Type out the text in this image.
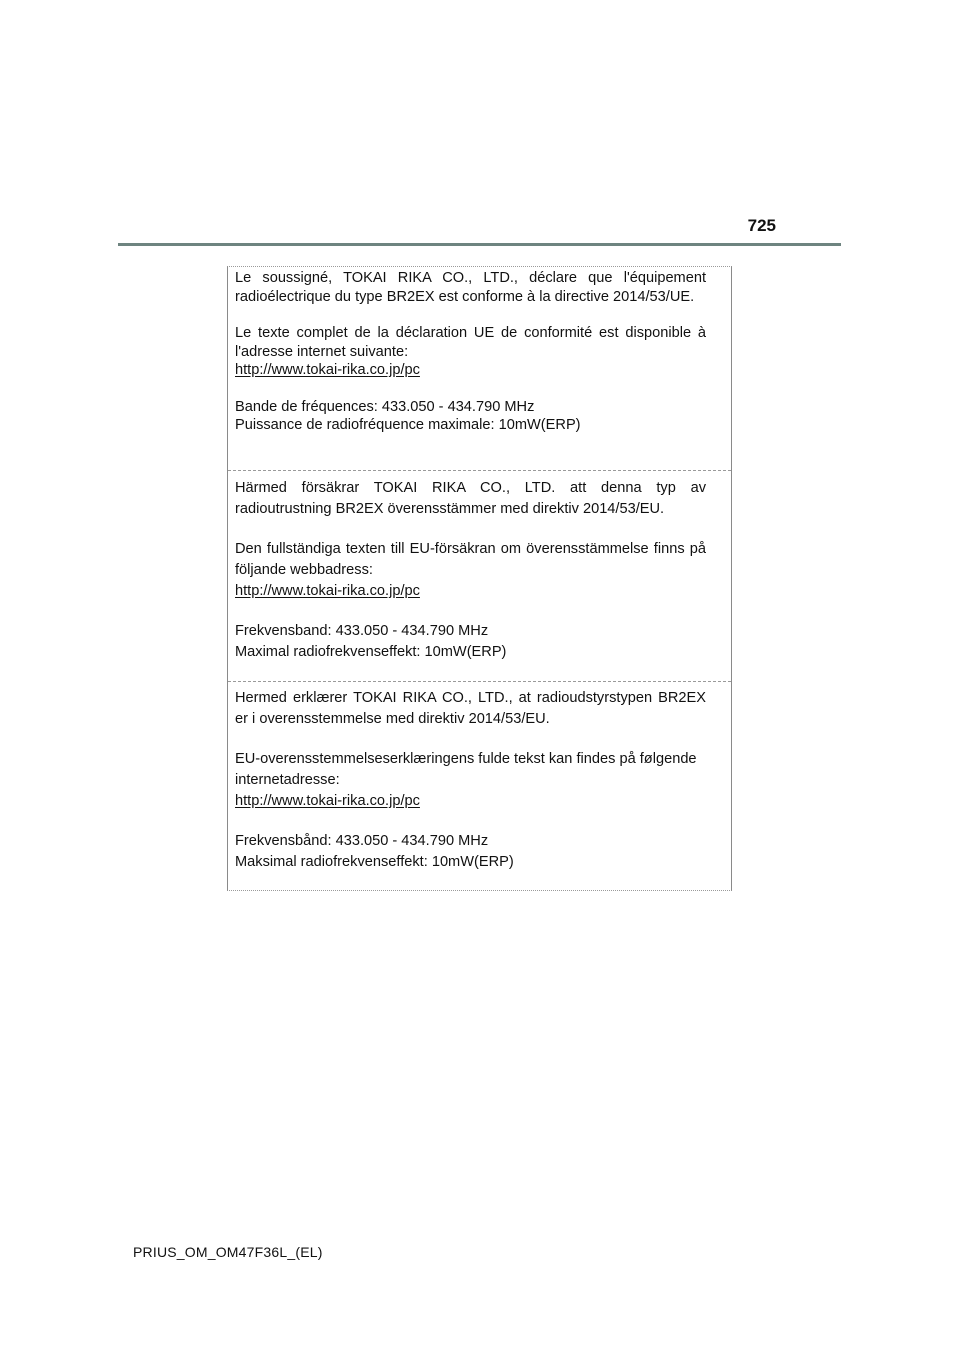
725

Le soussigné, TOKAI RIKA CO., LTD., déclare que l'équipement radioélectrique du type BR2EX est conforme à la directive 2014/53/UE.

Le texte complet de la déclaration UE de conformité est disponible à l'adresse internet suivante:

http://www.tokai-rika.co.jp/pc
Bande de fréquences: 433.050 - 434.790 MHz
Puissance de radiofréquence maximale: 10mW(ERP)

Härmed försäkrar TOKAI RIKA CO., LTD. att denna typ av radioutrustning BR2EX överensstämmer med direktiv 2014/53/EU.

Den fullständiga texten till EU-försäkran om överensstämmelse finns på följande webbadress:

http://www.tokai-rika.co.jp/pc
Frekvensband: 433.050 - 434.790 MHz
Maximal radiofrekvenseffekt: 10mW(ERP)

Hermed erklærer TOKAI RIKA CO., LTD., at radioudstyrstypen BR2EX er i overensstemmelse med direktiv 2014/53/EU.

EU-overensstemmelseserklæringens fulde tekst kan findes på følgende internetadresse:

http://www.tokai-rika.co.jp/pc
Frekvensbånd: 433.050 - 434.790 MHz
Maksimal radiofrekvenseffekt: 10mW(ERP)
PRIUS_OM_OM47F36L_(EL)
